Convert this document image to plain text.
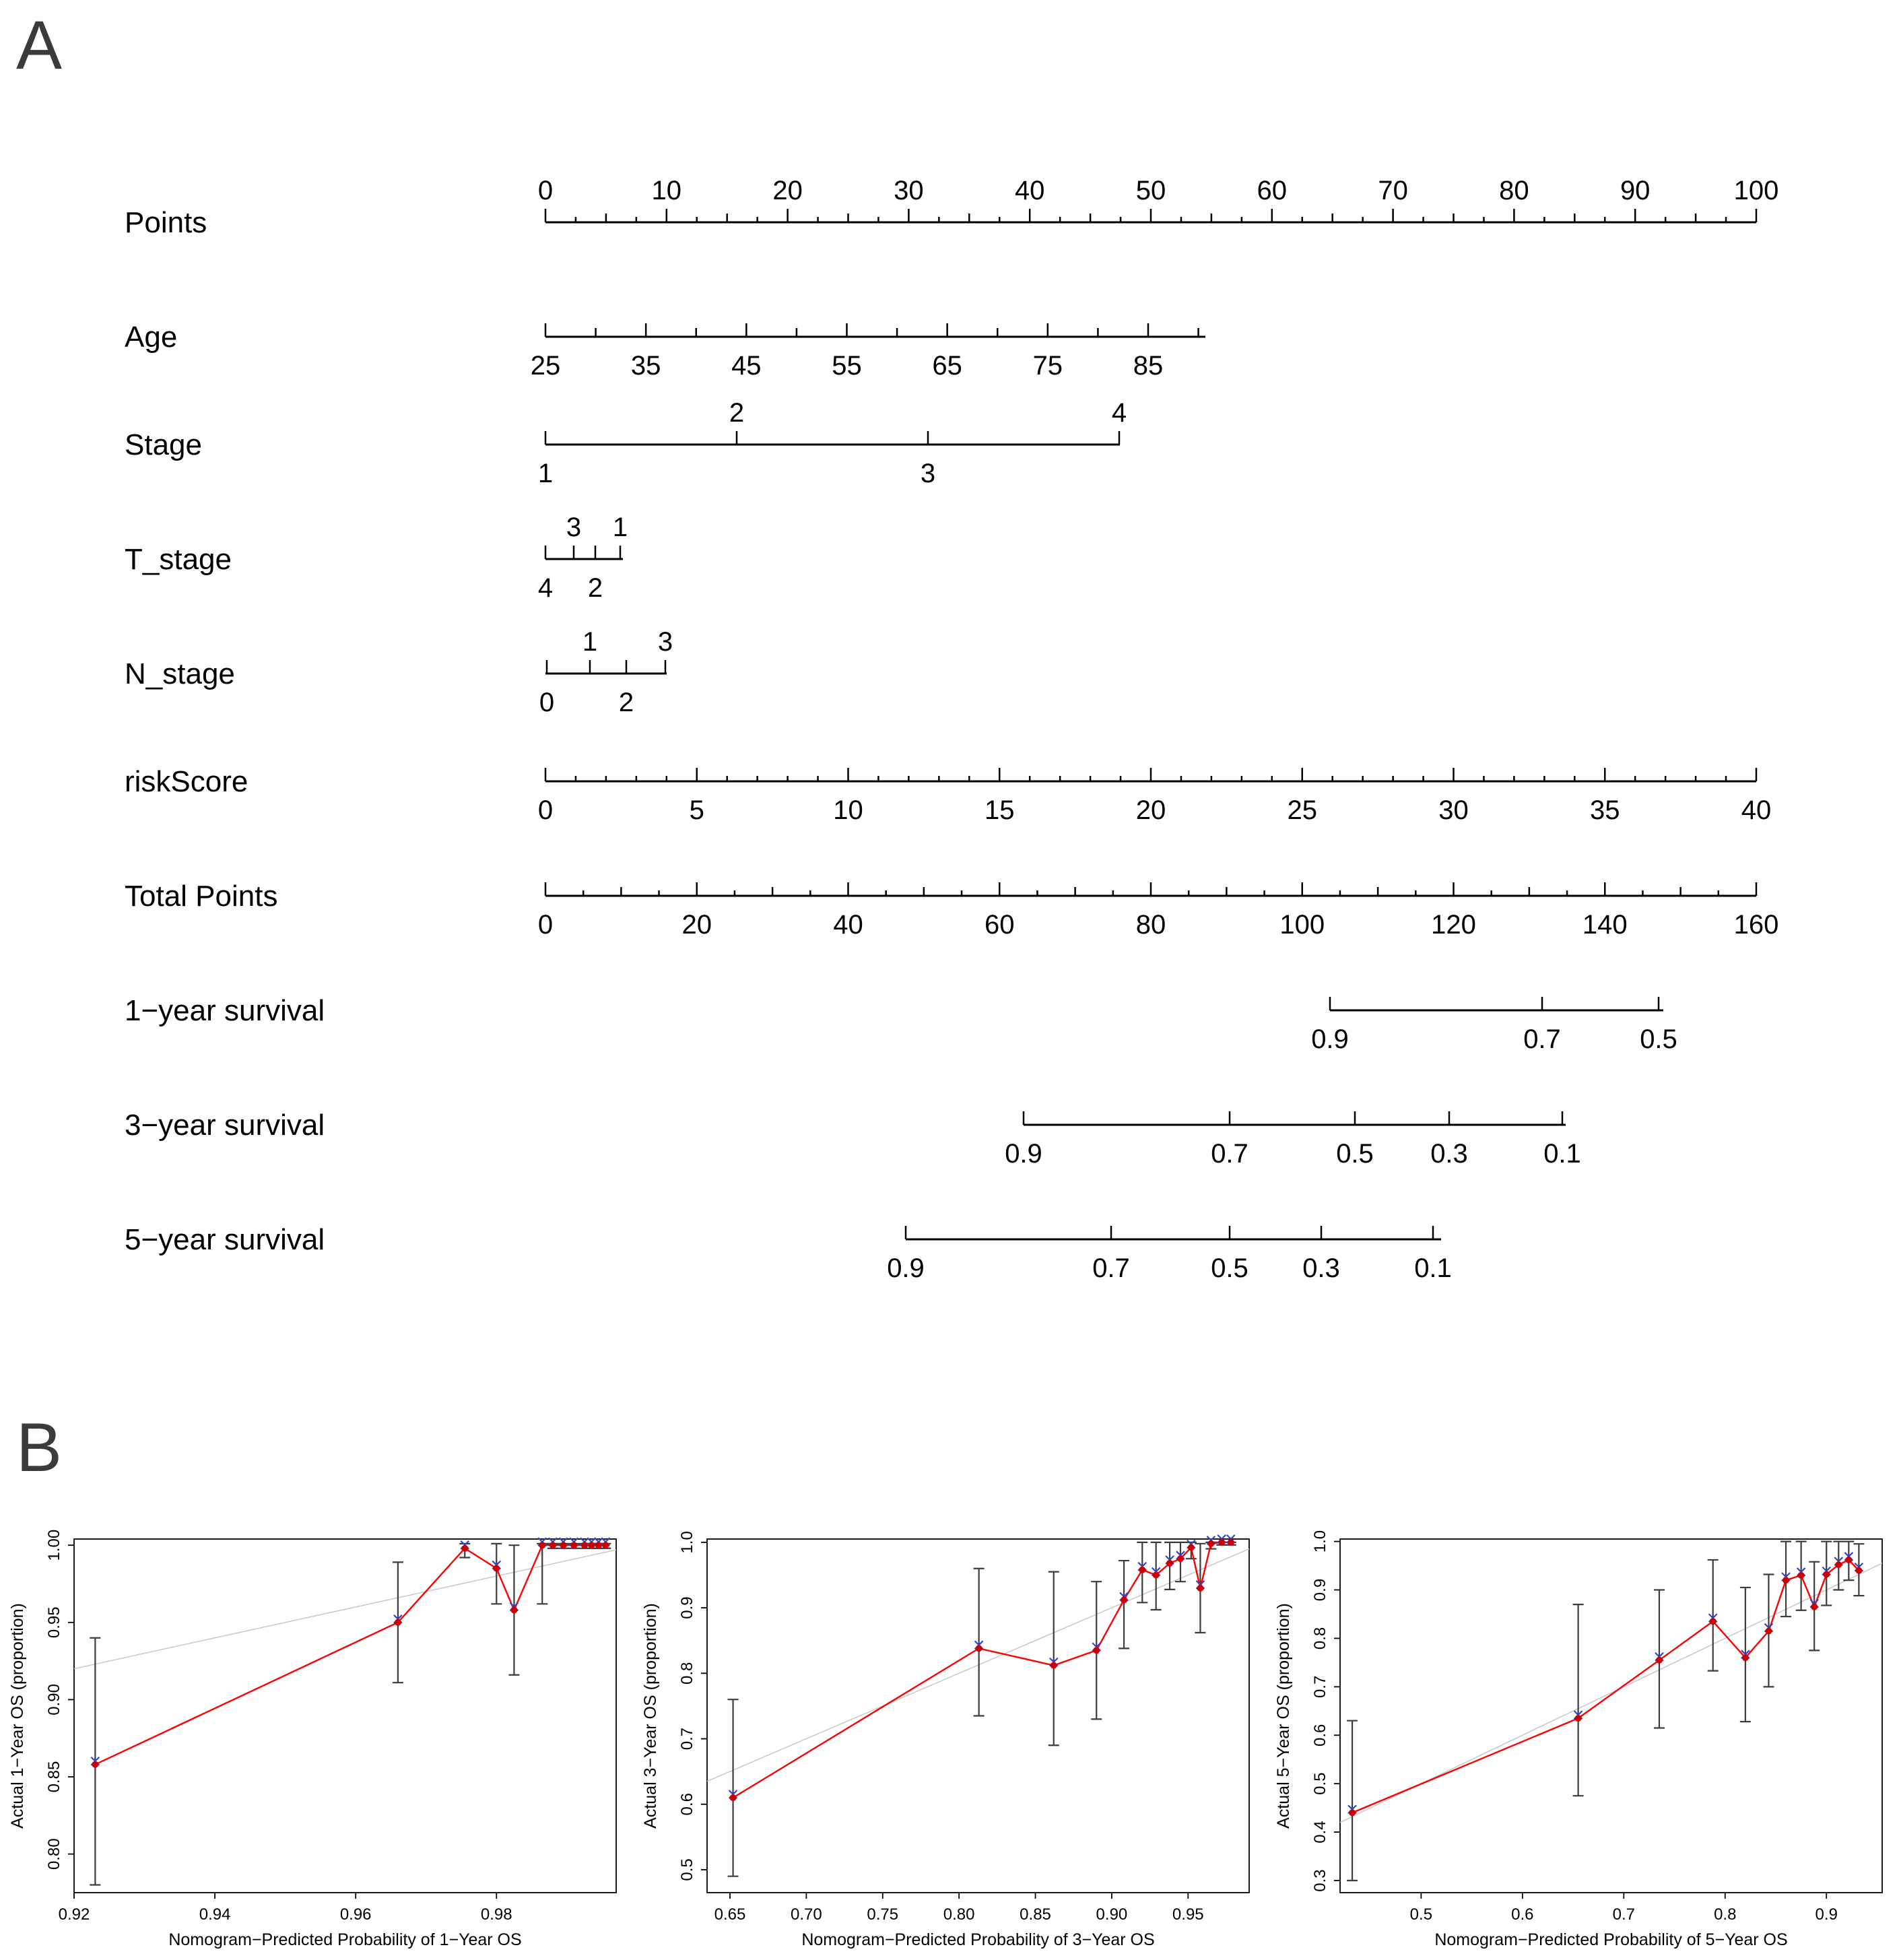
A
Points
0	10	20	30	40	50	60	70	80	90	100
Age
25	35	45	55	65	75	85
Stage
1
2
3
4
T_stage
4
3
2
1
N_stage
0
1
2
3
riskScore
0	5	10	15	20	25	30	35	40
Total Points
0	20	40	60	80	100	120	140	160
1−year survival
0.9	0.7	0.5
3−year survival
0.9	0.7	0.5 0.3	0.1
5−year survival
0.9	0.7	0.5 0.3	0.1
B
0.92	0.94	0.96	0.98
0.80
0.85
0.90
0.95
1.00
Nomogram−Predicted Probability of 1−Year OS
Actual 1−Year OS (proportion)
0.65	0.70	0.75	0.80	0.85	0.90	0.95
0.5
0.6
0.7
0.8
0.9
1.0
Nomogram−Predicted Probability of 3−Year OS
Actual 3−Year OS (proportion)
0.5	0.6	0.7	0.8	0.9
0.3
0.4
0.5
0.6
0.7
0.8
0.9
1.0
Nomogram−Predicted Probability of 5−Year OS
Actual 5−Year OS (proportion)
